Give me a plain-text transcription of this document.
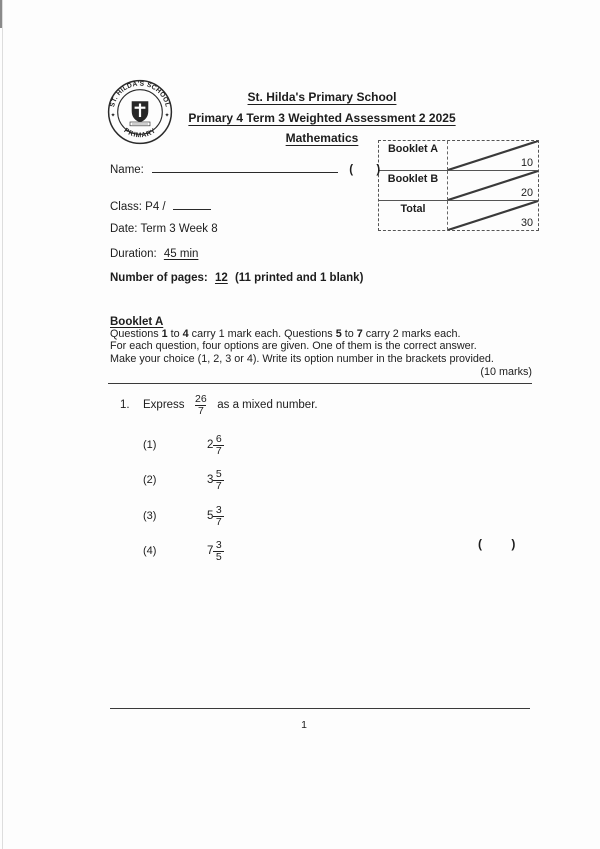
ST. HILDA'S SCHOOL
PRIMARY
✦	✦
St. Hilda's Primary School
Primary 4 Term 3 Weighted Assessment 2 2025
Mathematics
Booklet A
10
Booklet B
20
Total
30
Name:	( )
Class: P4 /
Date: Term 3 Week 8
Duration: 45 min
Number of pages: 12 (11 printed and 1 blank)
Booklet A
Questions 1 to 4 carry 1 mark each. Questions 5 to 7 carry 2 marks each.
For each question, four options are given. One of them is the correct answer.
Make your choice (1, 2, 3 or 4). Write its option number in the brackets provided.
(10 marks)
1.	Express $\frac{26}{7}$ as a mixed number.
(1)	$2 \frac{6}{7}$
(2)	$3 \frac{5}{7}$
(3)	$5 \frac{3}{7}$
(4)	$7 \frac{3}{5}$	( )
1
